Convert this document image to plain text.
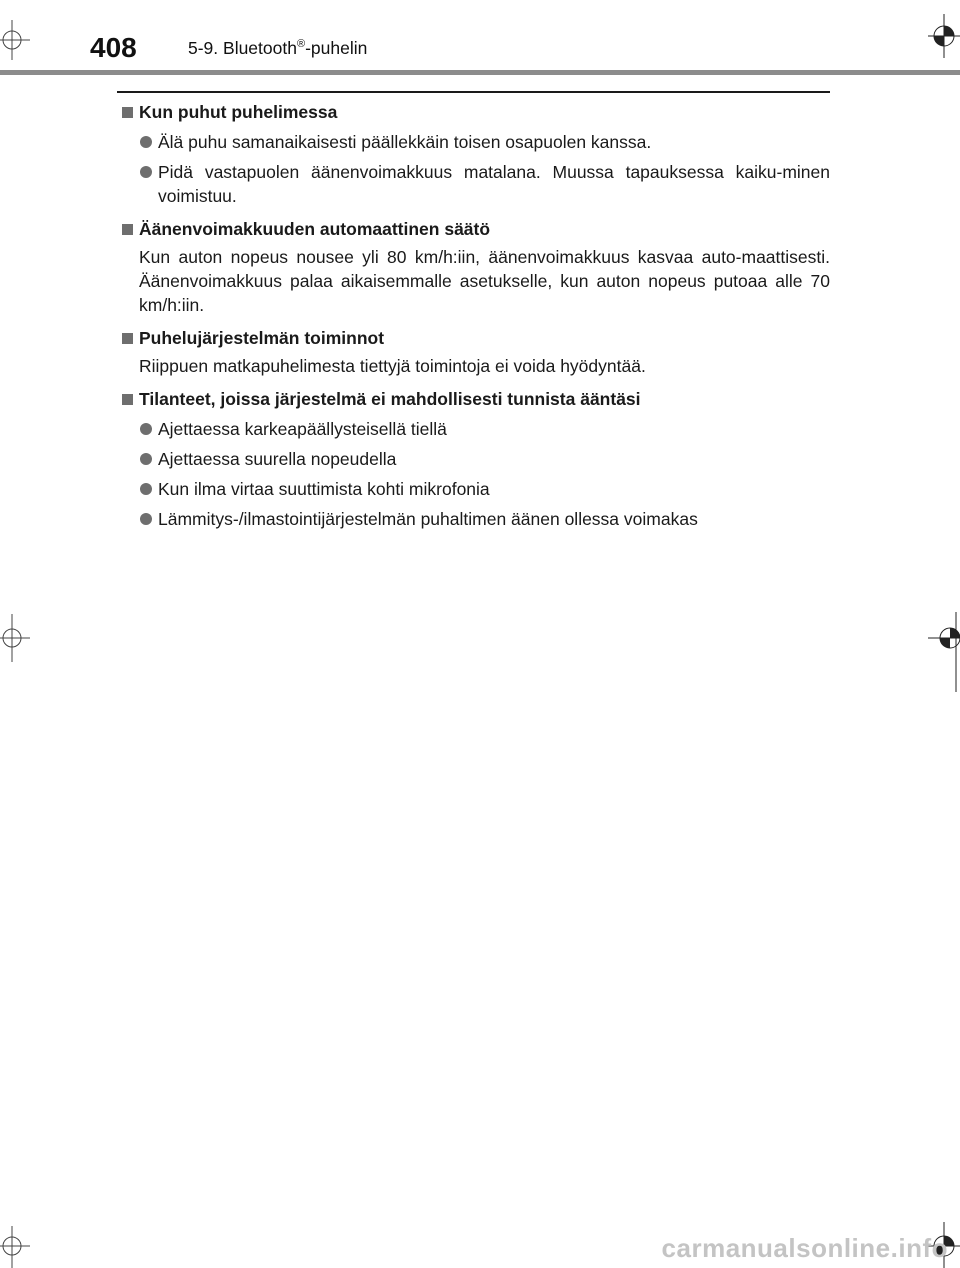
408	5-9. Bluetooth®-puhelin
Kun puhut puhelimessa
Älä puhu samanaikaisesti päällekkäin toisen osapuolen kanssa.
Pidä vastapuolen äänenvoimakkuus matalana. Muussa tapauksessa kaiku-minen voimistuu.
Äänenvoimakkuuden automaattinen säätö
Kun auton nopeus nousee yli 80 km/h:iin, äänenvoimakkuus kasvaa auto-maattisesti. Äänenvoimakkuus palaa aikaisemmalle asetukselle, kun auton nopeus putoaa alle 70 km/h:iin.
Puhelujärjestelmän toiminnot
Riippuen matkapuhelimesta tiettyjä toimintoja ei voida hyödyntää.
Tilanteet, joissa järjestelmä ei mahdollisesti tunnista ääntäsi
Ajettaessa karkeapäällysteisellä tiellä
Ajettaessa suurella nopeudella
Kun ilma virtaa suuttimista kohti mikrofonia
Lämmitys-/ilmastointijärjestelmän puhaltimen äänen ollessa voimakas
carmanualsonline.info
